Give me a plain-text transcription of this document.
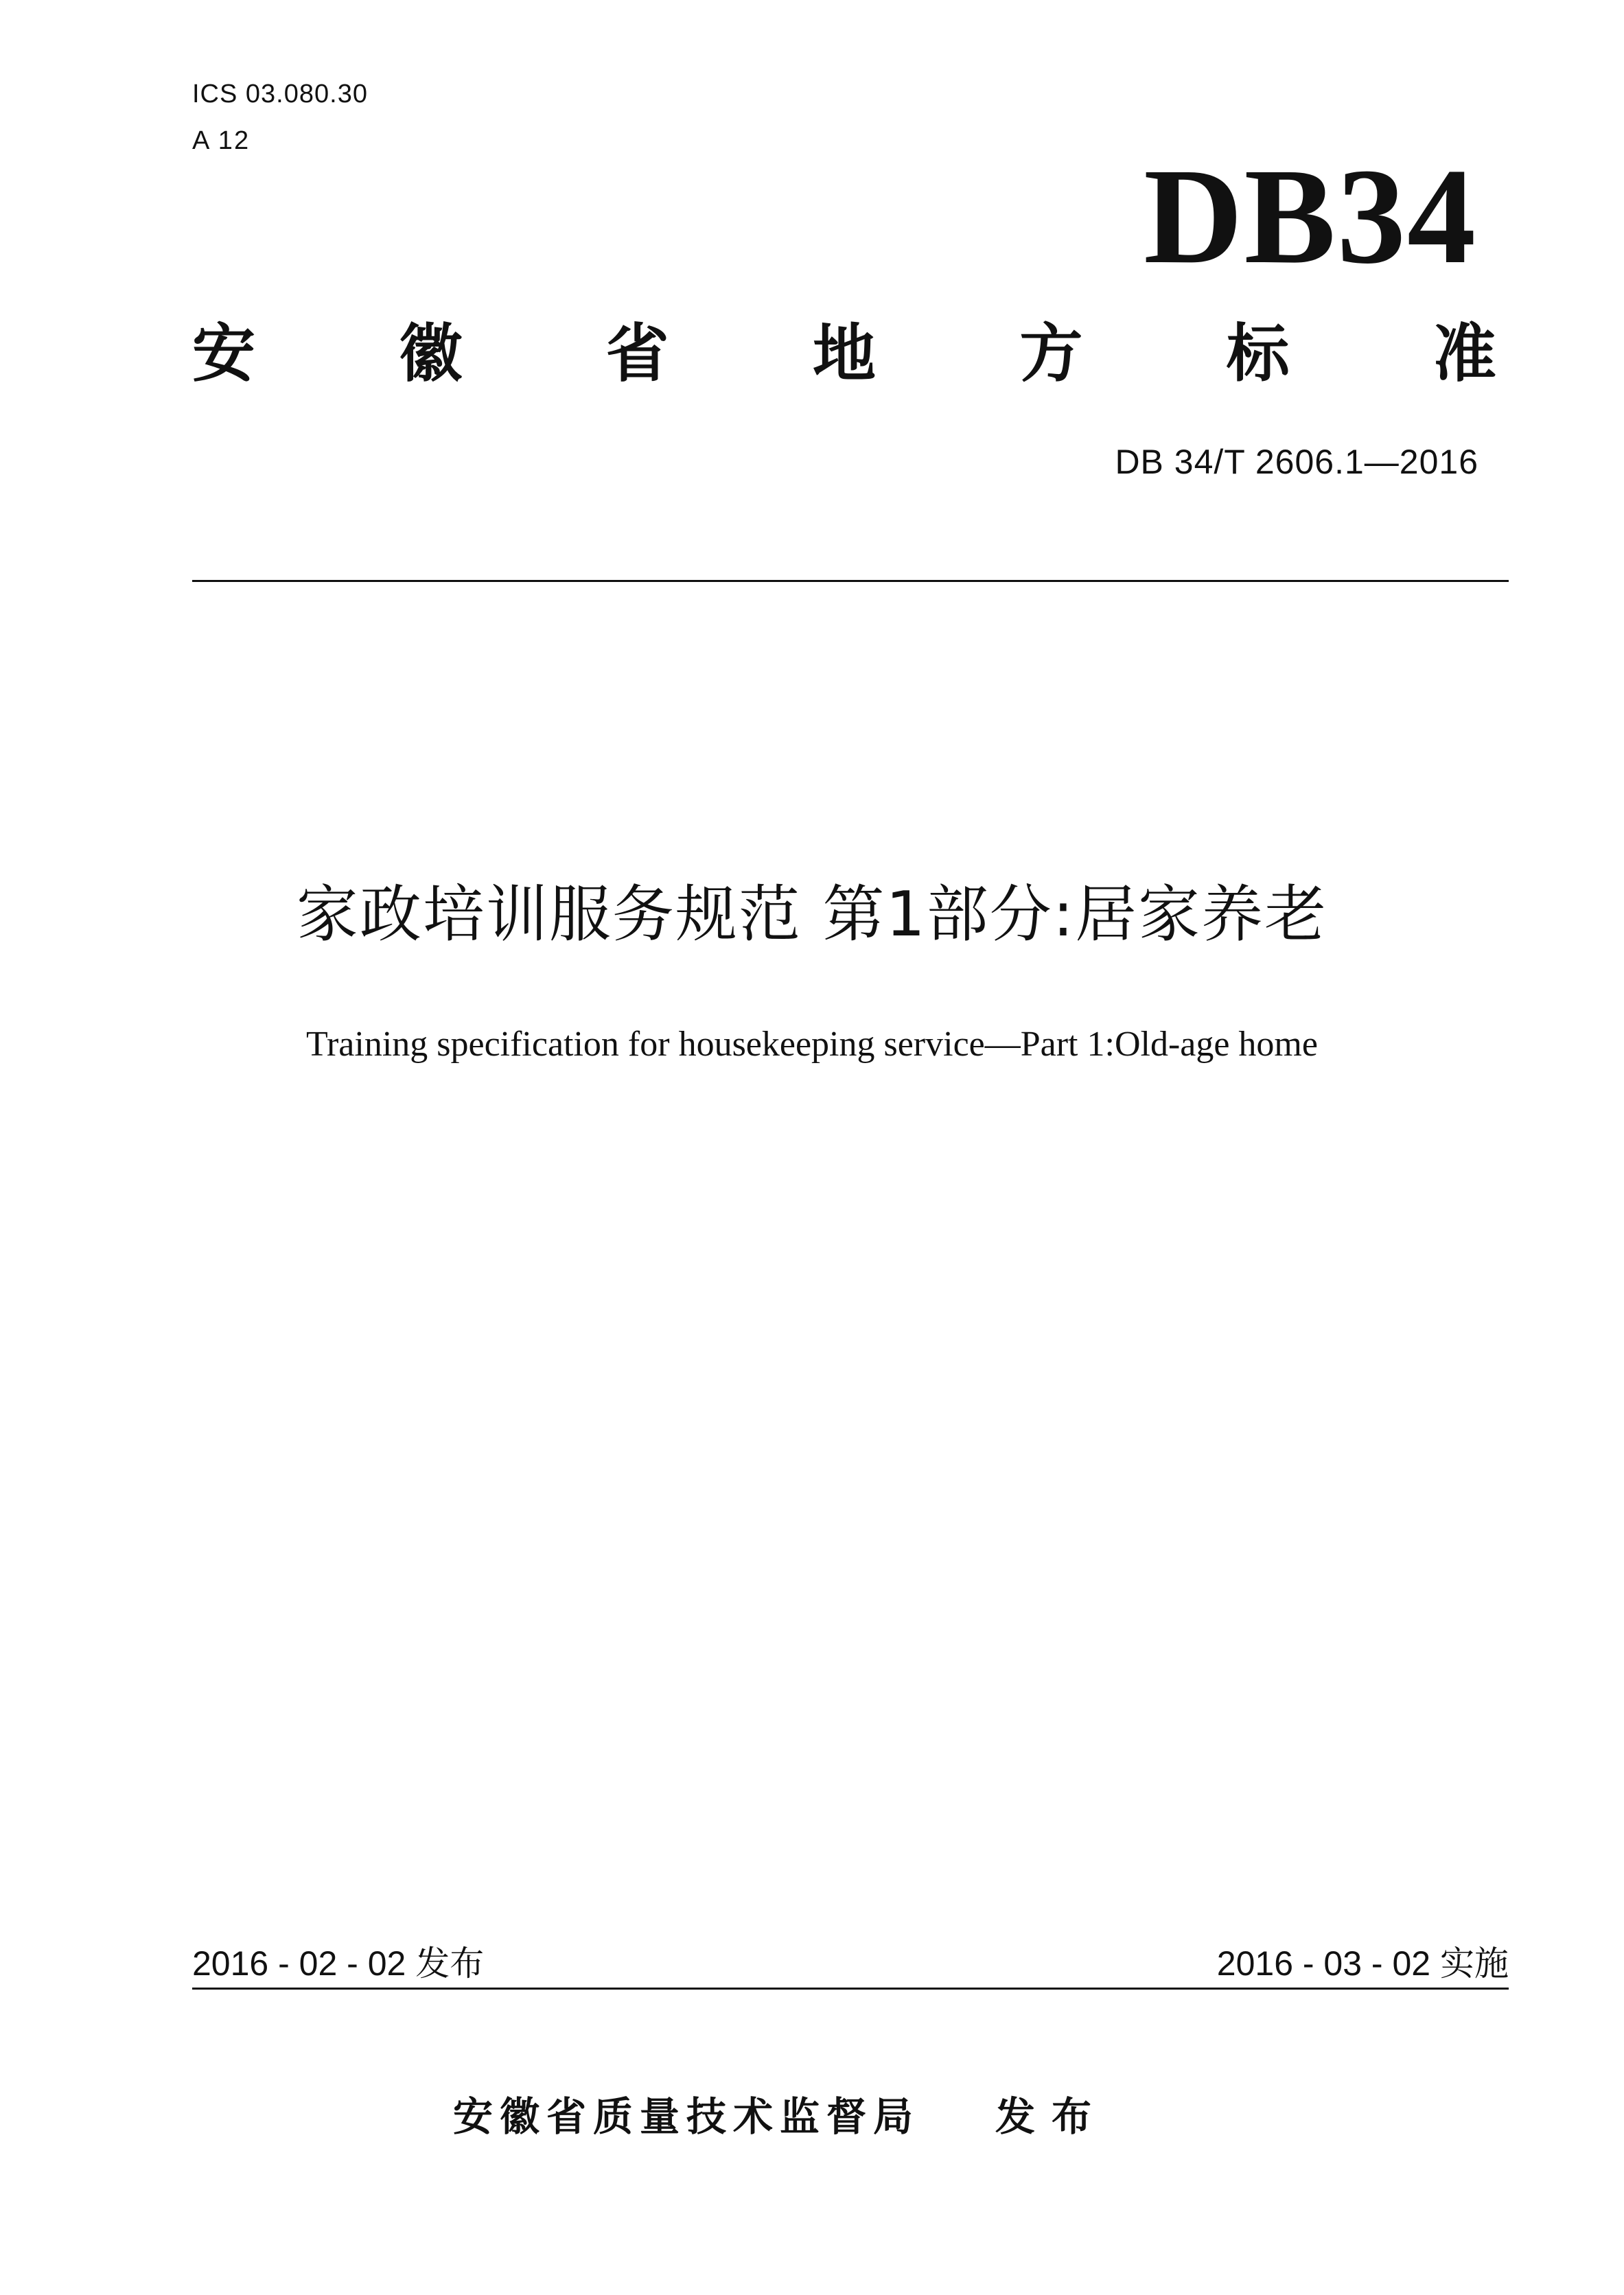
ICS 03.080.30
A 12	DB34
安 徽 省 地 方 标 准
DB 34/T 2606.1—2016
家政培训服务规范 第1部分:居家养老
Training specification for housekeeping service—Part 1:Old-age home
2016 - 02 - 02 发布	2016 - 03 - 02 实施
安徽省质量技术监督局 发布
